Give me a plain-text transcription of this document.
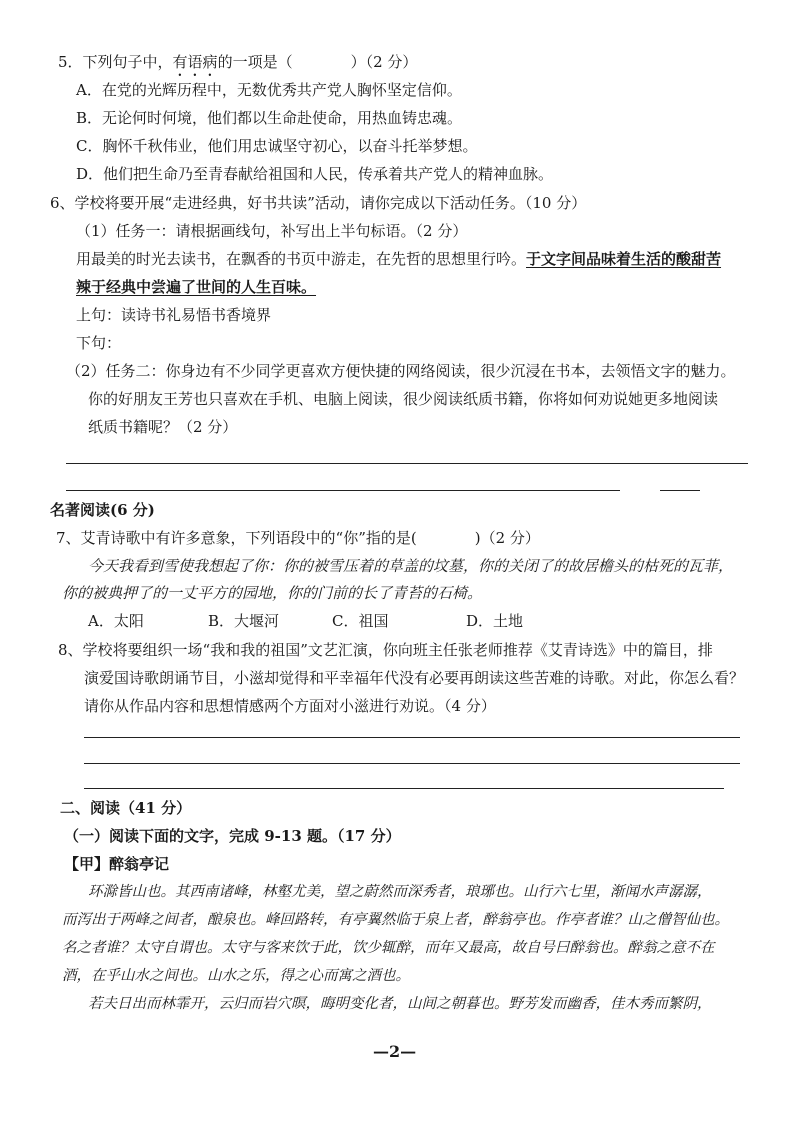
5．下列句子中，有语病的一项是（	）（2 分）
A．在党的光辉历程中，无数优秀共产党人胸怀坚定信仰。
B．无论何时何境，他们都以生命赴使命，用热血铸忠魂。
C．胸怀千秋伟业，他们用忠诚坚守初心，以奋斗托举梦想。
D．他们把生命乃至青春献给祖国和人民，传承着共产党人的精神血脉。
6、学校将要开展“走进经典，好书共读”活动，请你完成以下活动任务。（10 分）
（1）任务一：请根据画线句，补写出上半句标语。（2 分）
用最美的时光去读书，在飘香的书页中游走，在先哲的思想里行吟。于文字间品味着生活的酸甜苦
辣于经典中尝遍了世间的人生百味。
上句：读诗书礼易悟书香境界
下句：
（2）任务二：你身边有不少同学更喜欢方便快捷的网络阅读，很少沉浸在书本，去领悟文字的魅力。
你的好朋友王芳也只喜欢在手机、电脑上阅读，很少阅读纸质书籍，你将如何劝说她更多地阅读
纸质书籍呢？（2 分）
名著阅读(6 分)
7、艾青诗歌中有许多意象，下列语段中的“你”指的是(	)（2 分）
今天我看到雪使我想起了你：你的被雪压着的草盖的坟墓，你的关闭了的故居檐头的枯死的瓦菲，
你的被典押了的一丈平方的园地，你的门前的长了青苔的石椅。
A．太阳	B．大堰河	C．祖国	D．土地
8、学校将要组织一场“我和我的祖国”文艺汇演，你向班主任张老师推荐《艾青诗选》中的篇目，排
演爱国诗歌朗诵节目，小滋却觉得和平幸福年代没有必要再朗读这些苦难的诗歌。对此，你怎么看？
请你从作品内容和思想情感两个方面对小滋进行劝说。（4 分）
二、阅读（41 分）
（一）阅读下面的文字，完成 9-13 题。（17 分）
【甲】醉翁亭记
环滁皆山也。其西南诸峰，林壑尤美，望之蔚然而深秀者，琅琊也。山行六七里，渐闻水声潺潺，
而泻出于两峰之间者，酿泉也。峰回路转，有亭翼然临于泉上者，醉翁亭也。作亭者谁？山之僧智仙也。
名之者谁？太守自谓也。太守与客来饮于此，饮少辄醉，而年又最高，故自号曰醉翁也。醉翁之意不在
酒，在乎山水之间也。山水之乐，得之心而寓之酒也。
若夫日出而林霏开，云归而岩穴暝，晦明变化者，山间之朝暮也。野芳发而幽香，佳木秀而繁阴，
—2—
